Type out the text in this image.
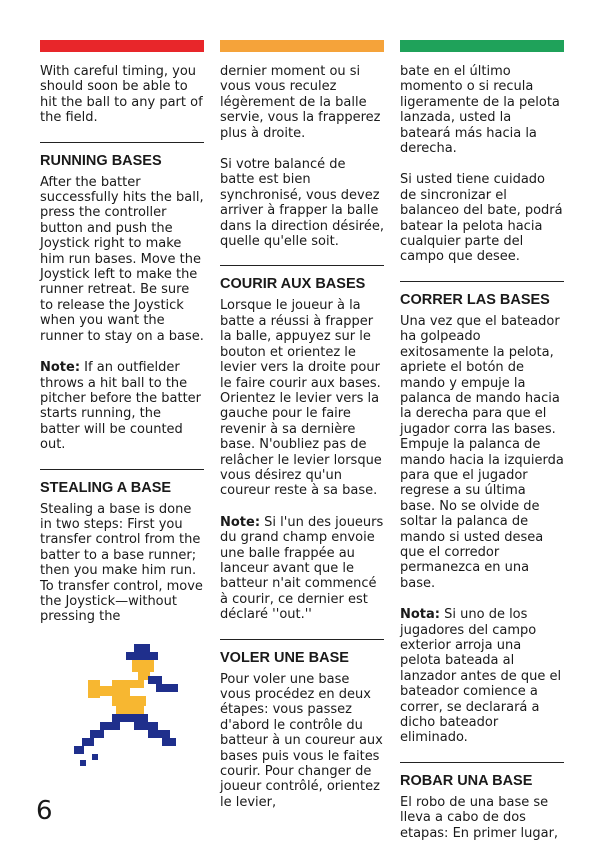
With careful timing, you should soon be able to hit the ball to any part of the field.

RUNNING BASES

After the batter successfully hits the ball, press the controller button and push the Joystick right to make him run bases. Move the Joystick left to make the runner retreat. Be sure to release the Joystick when you want the runner to stay on a base.

Note: If an outfielder throws a hit ball to the pitcher before the batter starts running, the batter will be counted out.

STEALING A BASE

Stealing a base is done in two steps: First you transfer control from the batter to a base runner; then you make him run. To transfer control, move the Joystick—without pressing the

dernier moment ou si vous vous reculez légèrement de la balle servie, vous la frapperez plus à droite.

Si votre balancé de batte est bien synchronisé, vous devez arriver à frapper la balle dans la direction désirée, quelle qu'elle soit.

COURIR AUX BASES

Lorsque le joueur à la batte a réussi à frapper la balle, appuyez sur le bouton et orientez le levier vers la droite pour le faire courir aux bases. Orientez le levier vers la gauche pour le faire revenir à sa dernière base. N'oubliez pas de relâcher le levier lorsque vous désirez qu'un coureur reste à sa base.

Note: Si l'un des joueurs du grand champ envoie une balle frappée au lanceur avant que le batteur n'ait commencé à courir, ce dernier est déclaré ''out.''

VOLER UNE BASE

Pour voler une base vous procédez en deux étapes: vous passez d'abord le contrôle du batteur à un coureur aux bases puis vous le faites courir. Pour changer de joueur contrôlé, orientez le levier,

bate en el último momento o si recula ligeramente de la pelota lanzada, usted la bateará más hacia la derecha.

Si usted tiene cuidado de sincronizar el balanceo del bate, podrá batear la pelota hacia cualquier parte del campo que desee.

CORRER LAS BASES

Una vez que el bateador ha golpeado exitosamente la pelota, apriete el botón de mando y empuje la palanca de mando hacia la derecha para que el jugador corra las bases. Empuje la palanca de mando hacia la izquierda para que el jugador regrese a su última base. No se olvide de soltar la palanca de mando si usted desea que el corredor permanezca en una base.

Nota: Si uno de los jugadores del campo exterior arroja una pelota bateada al lanzador antes de que el bateador comience a correr, se declarará a dicho bateador eliminado.

ROBAR UNA BASE

El robo de una base se lleva a cabo de dos etapas: En primer lugar,

6
